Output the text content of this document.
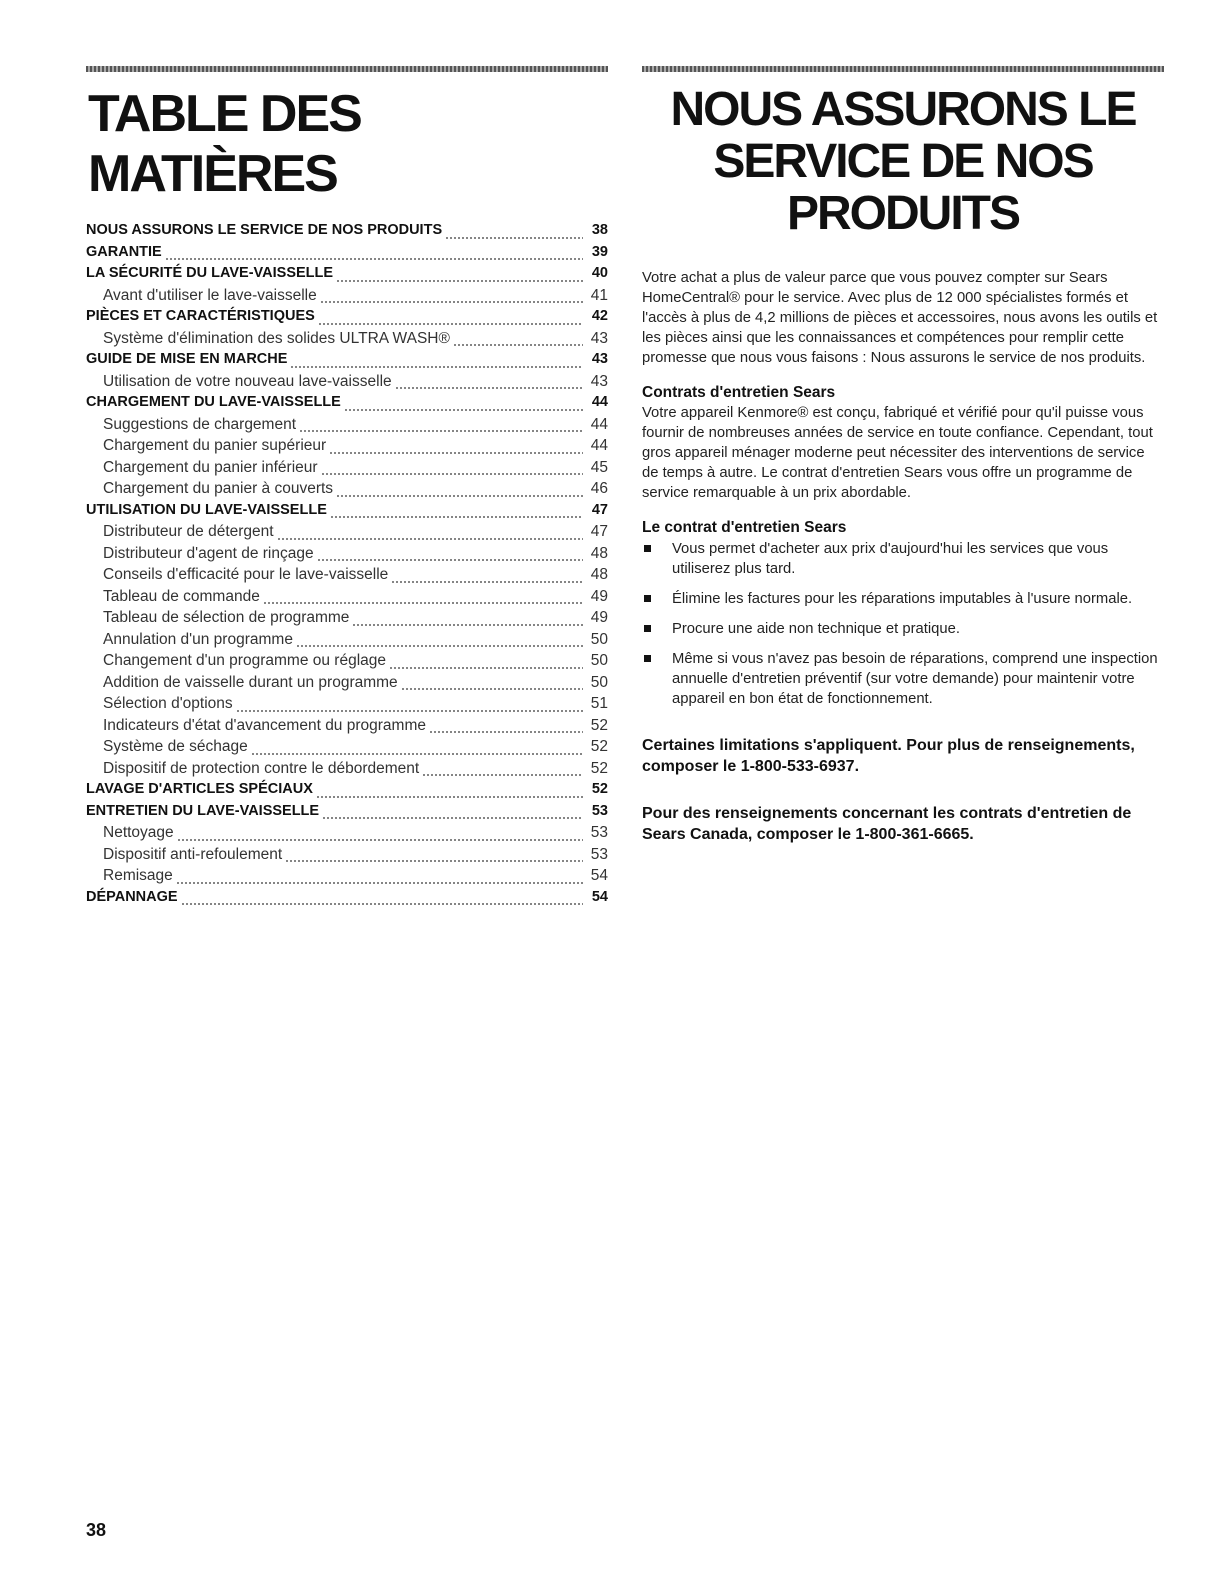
TABLE DES MATIÈRES
NOUS ASSURONS LE SERVICE DE NOS PRODUITS	38
GARANTIE	39
LA SÉCURITÉ DU LAVE-VAISSELLE	40
Avant d'utiliser le lave-vaisselle	41
PIÈCES ET CARACTÉRISTIQUES	42
Système d'élimination des solides ULTRA WASH®	43
GUIDE DE MISE EN MARCHE	43
Utilisation de votre nouveau lave-vaisselle	43
CHARGEMENT DU LAVE-VAISSELLE	44
Suggestions de chargement	44
Chargement du panier supérieur	44
Chargement du panier inférieur	45
Chargement du panier à couverts	46
UTILISATION DU LAVE-VAISSELLE	47
Distributeur de détergent	47
Distributeur d'agent de rinçage	48
Conseils d'efficacité pour le lave-vaisselle	48
Tableau de commande	49
Tableau de sélection de programme	49
Annulation d'un programme	50
Changement d'un programme ou réglage	50
Addition de vaisselle durant un programme	50
Sélection d'options	51
Indicateurs d'état d'avancement du programme	52
Système de séchage	52
Dispositif de protection contre le débordement	52
LAVAGE D'ARTICLES SPÉCIAUX	52
ENTRETIEN DU LAVE-VAISSELLE	53
Nettoyage	53
Dispositif anti-refoulement	53
Remisage	54
DÉPANNAGE	54
NOUS ASSURONS LE SERVICE DE NOS PRODUITS

Votre achat a plus de valeur parce que vous pouvez compter sur Sears HomeCentral® pour le service. Avec plus de 12 000 spécialistes formés et l'accès à plus de 4,2 millions de pièces et accessoires, nous avons les outils et les pièces ainsi que les connaissances et compétences pour remplir cette promesse que nous vous faisons : Nous assurons le service de nos produits.

Contrats d'entretien Sears

Votre appareil Kenmore® est conçu, fabriqué et vérifié pour qu'il puisse vous fournir de nombreuses années de service en toute confiance. Cependant, tout gros appareil ménager moderne peut nécessiter des interventions de service de temps à autre. Le contrat d'entretien Sears vous offre un programme de service remarquable à un prix abordable.

Le contrat d'entretien Sears
Vous permet d'acheter aux prix d'aujourd'hui les services que vous utiliserez plus tard.
Élimine les factures pour les réparations imputables à l'usure normale.
Procure une aide non technique et pratique.
Même si vous n'avez pas besoin de réparations, comprend une inspection annuelle d'entretien préventif (sur votre demande) pour maintenir votre appareil en bon état de fonctionnement.

Certaines limitations s'appliquent. Pour plus de renseignements, composer le 1-800-533-6937.

Pour des renseignements concernant les contrats d'entretien de Sears Canada, composer le 1-800-361-6665.

38
